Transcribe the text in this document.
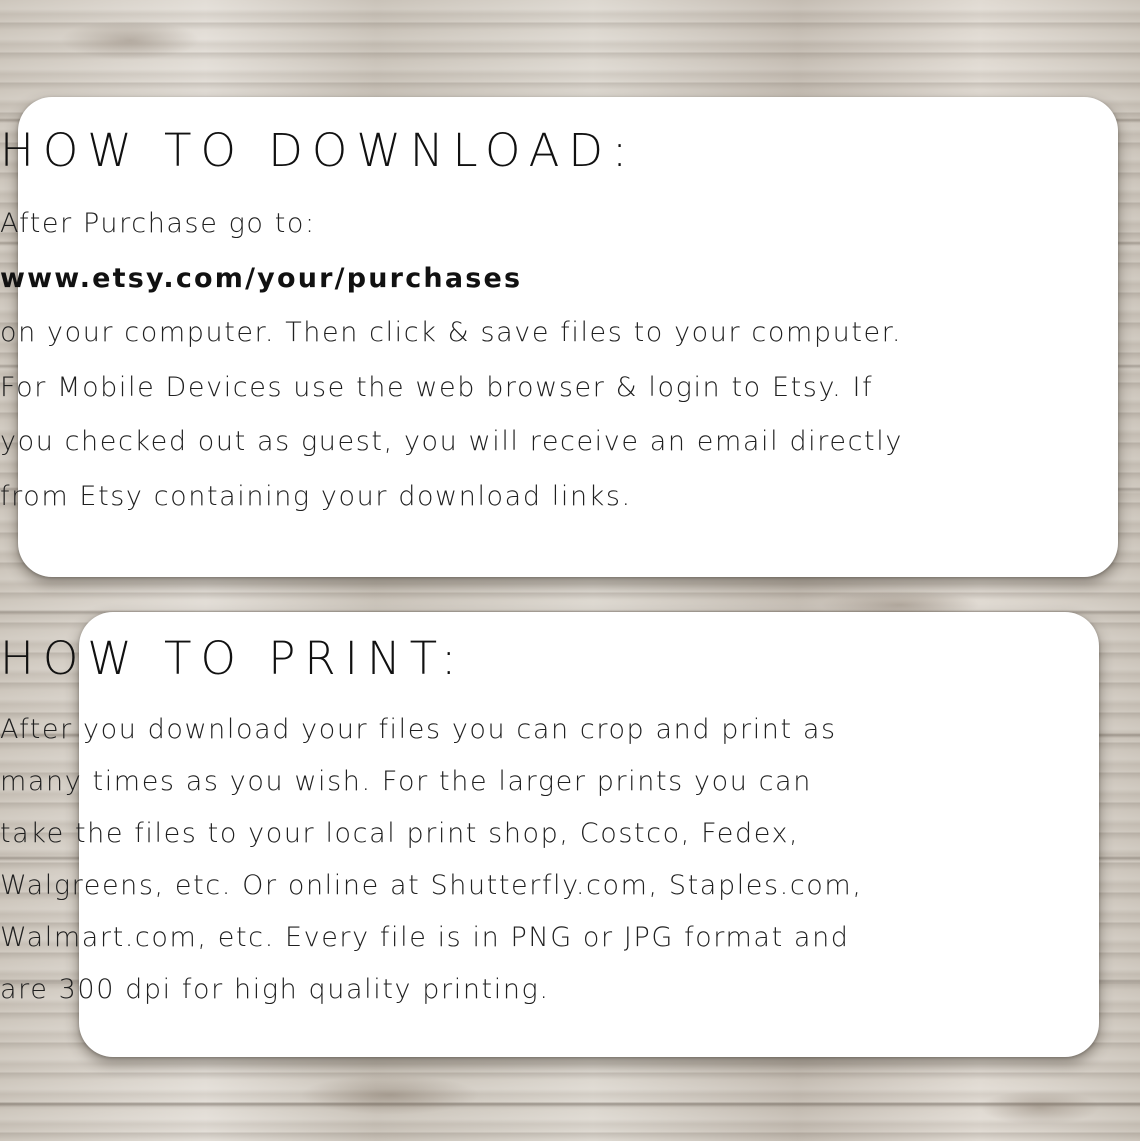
HOW TO DOWNLOAD:
After Purchase go to:
www.etsy.com/your/purchases
on your computer. Then click & save files to your computer.
For Mobile Devices use the web browser & login to Etsy. If
you checked out as guest, you will receive an email directly
from Etsy containing your download links.
HOW TO PRINT:
After you download your files you can crop and print as
many times as you wish. For the larger prints you can
take the files to your local print shop, Costco, Fedex,
Walgreens, etc. Or online at Shutterfly.com, Staples.com,
Walmart.com, etc. Every file is in PNG or JPG format and
are 300 dpi for high quality printing.
